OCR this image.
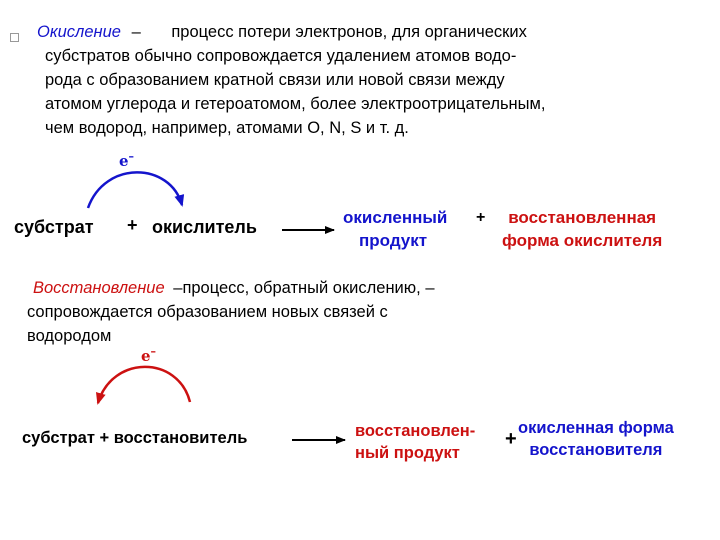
Окисление – процесс потери электронов, для органических
субстратов обычно сопровождается удалением атомов водо-
рода с образованием кратной связи или новой связи между
атомом углерода и гетероатомом, более электроотрицательным,
чем водород, например, атомами O, N, S и т. д.
e–
субстрат + окислитель	окисленный
продукт
+	восстановленная
форма окислителя
Восстановление –процесс, обратный окислению, –
сопровождается образованием новых связей с
водородом
e–
субстрат + восстановитель	восстановлен-
ный продукт
+ окисленная форма
восстановителя
